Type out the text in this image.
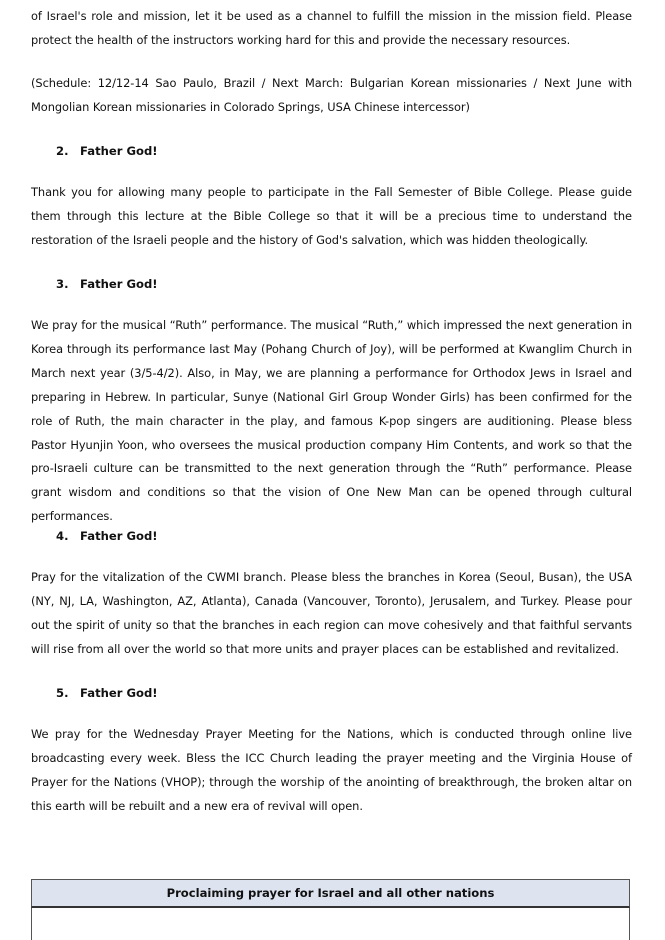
of Israel's role and mission, let it be used as a channel to fulfill the mission in the mission field. Please protect the health of the instructors working hard for this and provide the necessary resources.

(Schedule: 12/12-14 Sao Paulo, Brazil / Next March: Bulgarian Korean missionaries / Next June with Mongolian Korean missionaries in Colorado Springs, USA Chinese intercessor)

2. Father God!

Thank you for allowing many people to participate in the Fall Semester of Bible College. Please guide them through this lecture at the Bible College so that it will be a precious time to understand the restoration of the Israeli people and the history of God's salvation, which was hidden theologically.

3. Father God!

We pray for the musical “Ruth” performance. The musical “Ruth,” which impressed the next generation in Korea through its performance last May (Pohang Church of Joy), will be performed at Kwanglim Church in March next year (3/5-4/2). Also, in May, we are planning a performance for Orthodox Jews in Israel and preparing in Hebrew. In particular, Sunye (National Girl Group Wonder Girls) has been confirmed for the role of Ruth, the main character in the play, and famous K-pop singers are auditioning. Please bless Pastor Hyunjin Yoon, who oversees the musical production company Him Contents, and work so that the pro-Israeli culture can be transmitted to the next generation through the “Ruth” performance. Please grant wisdom and conditions so that the vision of One New Man can be opened through cultural performances.

4. Father God!

Pray for the vitalization of the CWMI branch. Please bless the branches in Korea (Seoul, Busan), the USA (NY, NJ, LA, Washington, AZ, Atlanta), Canada (Vancouver, Toronto), Jerusalem, and Turkey. Please pour out the spirit of unity so that the branches in each region can move cohesively and that faithful servants will rise from all over the world so that more units and prayer places can be established and revitalized.

5. Father God!

We pray for the Wednesday Prayer Meeting for the Nations, which is conducted through online live broadcasting every week. Bless the ICC Church leading the prayer meeting and the Virginia House of Prayer for the Nations (VHOP); through the worship of the anointing of breakthrough, the broken altar on this earth will be rebuilt and a new era of revival will open.

Proclaiming prayer for Israel and all other nations
